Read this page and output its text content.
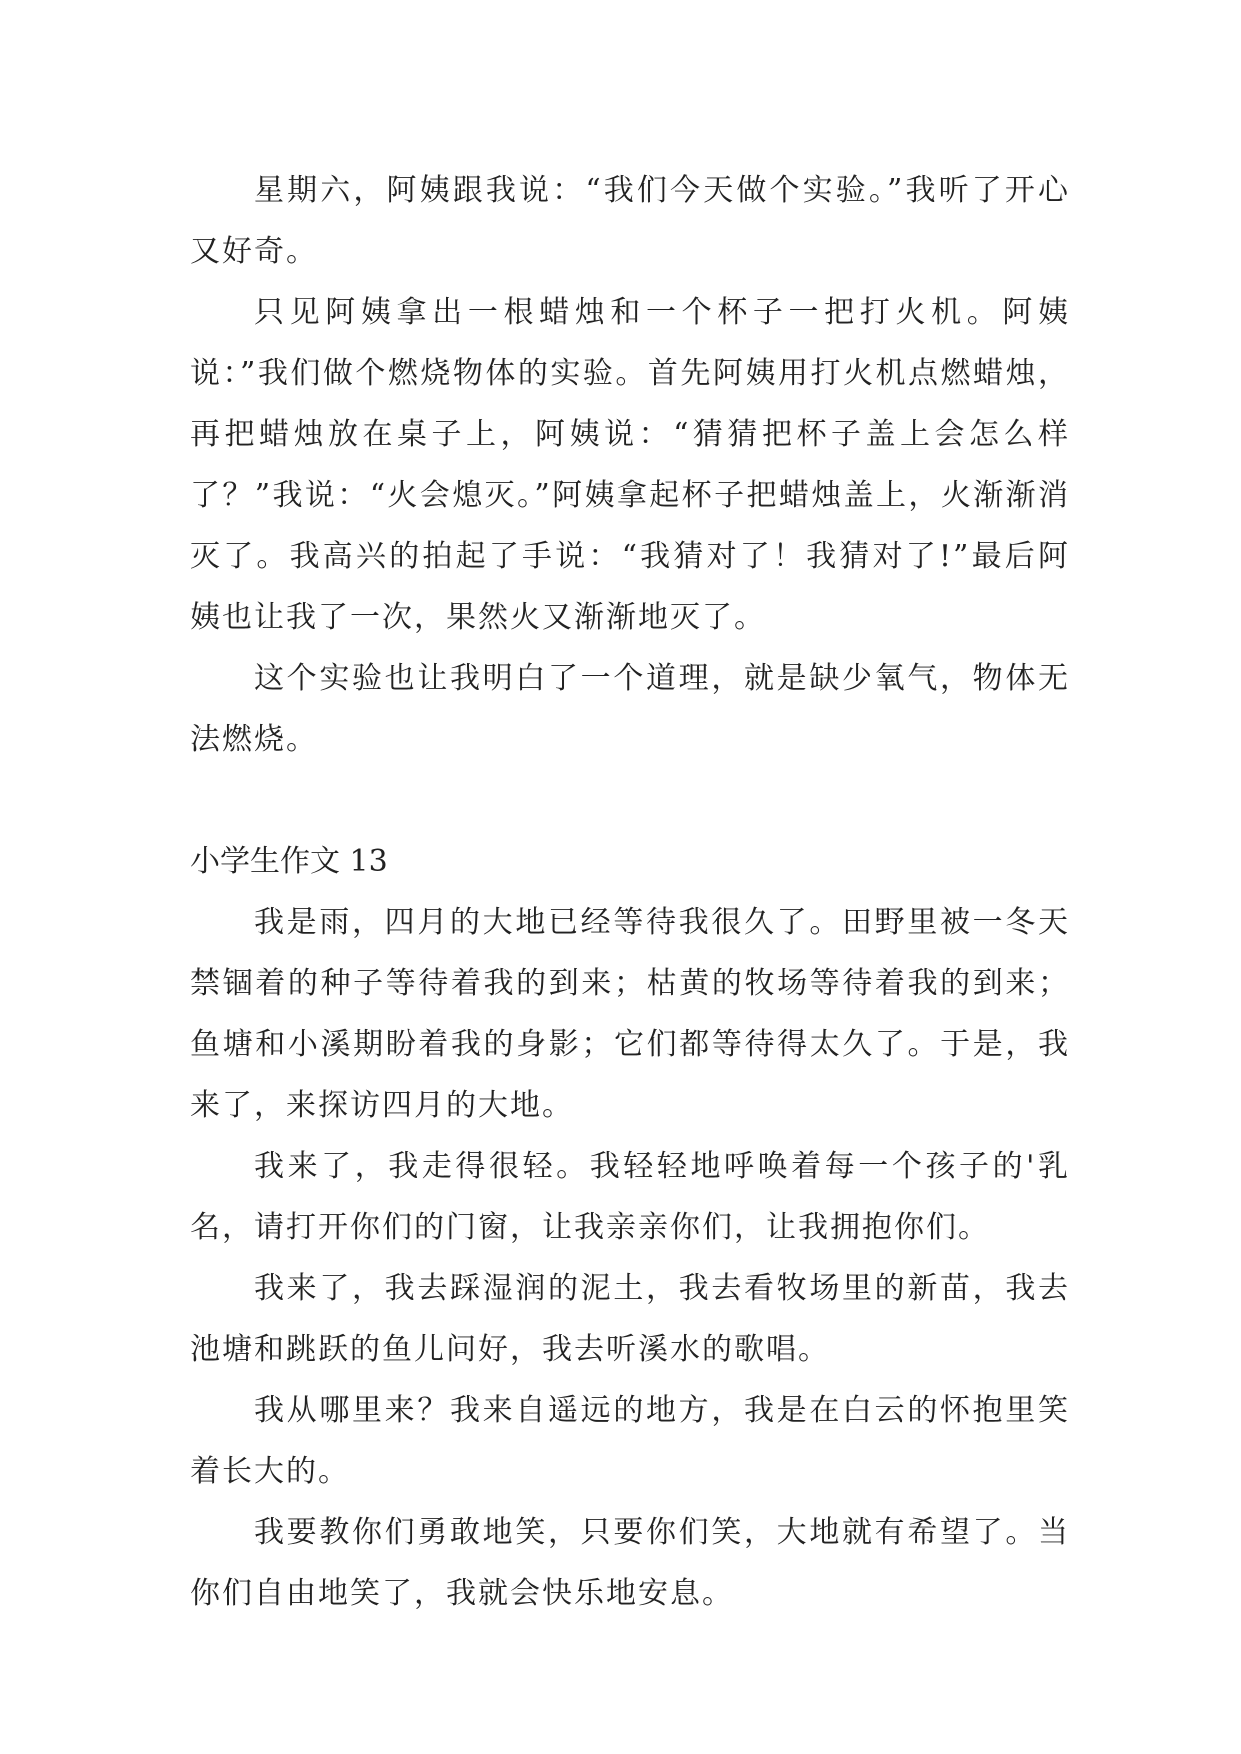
星期六，阿姨跟我说：“我们今天做个实验。”我听了开心又好奇。

只见阿姨拿出一根蜡烛和一个杯子一把打火机。阿姨说：”我们做个燃烧物体的实验。首先阿姨用打火机点燃蜡烛，再把蜡烛放在桌子上，阿姨说：“猜猜把杯子盖上会怎么样了？”我说：“火会熄灭。”阿姨拿起杯子把蜡烛盖上，火渐渐消灭了。我高兴的拍起了手说：“我猜对了！我猜对了!”最后阿姨也让我了一次，果然火又渐渐地灭了。

这个实验也让我明白了一个道理，就是缺少氧气，物体无法燃烧。

小学生作文 13

我是雨，四月的大地已经等待我很久了。田野里被一冬天禁锢着的种子等待着我的到来；枯黄的牧场等待着我的到来；鱼塘和小溪期盼着我的身影；它们都等待得太久了。于是，我来了，来探访四月的大地。

我来了，我走得很轻。我轻轻地呼唤着每一个孩子的'乳名，请打开你们的门窗，让我亲亲你们，让我拥抱你们。

我来了，我去踩湿润的泥土，我去看牧场里的新苗，我去池塘和跳跃的鱼儿问好，我去听溪水的歌唱。

我从哪里来？我来自遥远的地方，我是在白云的怀抱里笑着长大的。

我要教你们勇敢地笑，只要你们笑，大地就有希望了。当你们自由地笑了，我就会快乐地安息。
